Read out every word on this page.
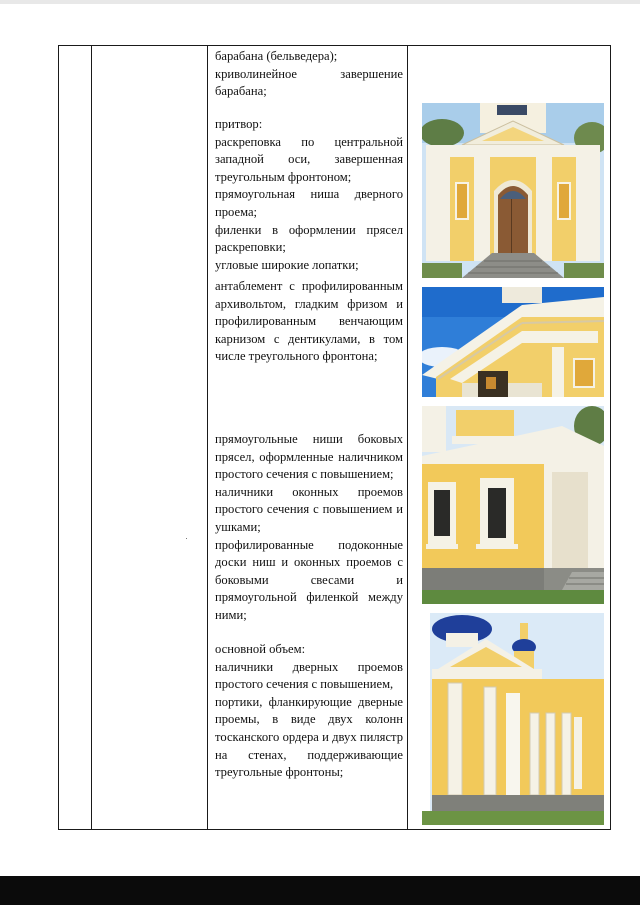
барабана (бельведера);
криволинейное завершение барабана;
притвор:
раскреповка по центральной западной оси, завершенная треугольным фронтоном;
прямоугольная ниша дверного проема;
филенки в оформлении прясел раскреповки;
угловые широкие лопатки;
антаблемент с профилированным архивольтом, гладким фризом и профилированным венчающим карнизом с дентикулами, в том числе треугольного фронтона;
прямоугольные ниши боковых прясел, оформленные наличником простого сечения с повышением;
наличники оконных проемов простого сечения с повышением и ушками;
профилированные подоконные доски ниш и оконных проемов с боковыми свесами и прямоугольной филенкой между ними;
основной объем:
наличники дверных проемов простого сечения с повышением,
портики, фланкирующие дверные проемы, в виде двух колонн тосканского ордера и двух пилястр на стенах, поддерживающие треугольные фронтоны;
